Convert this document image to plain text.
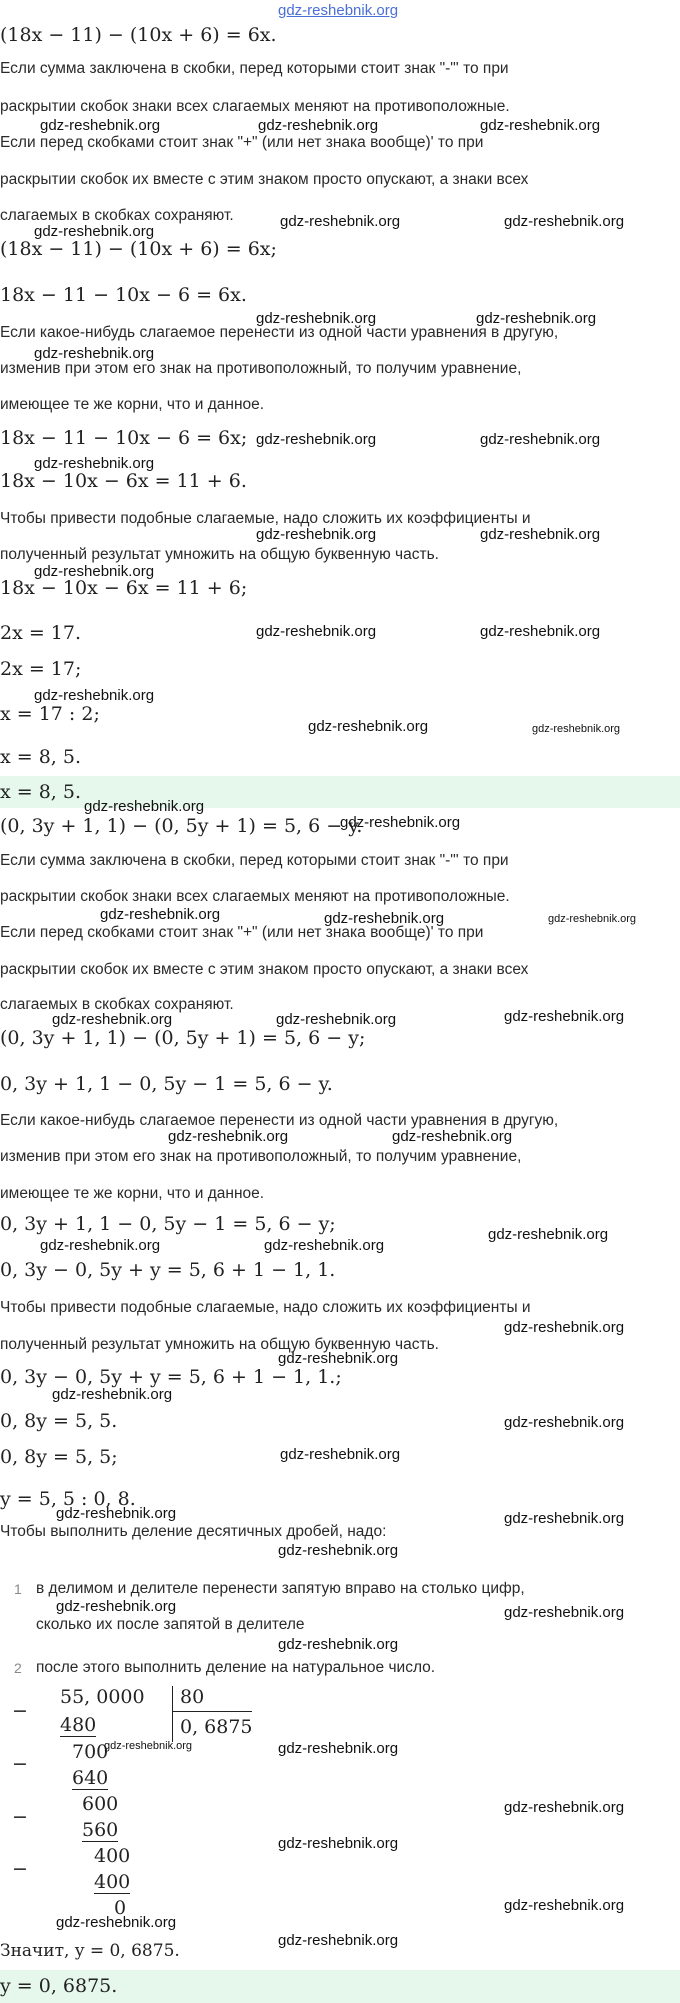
gdz-reshebnik.org
(18x − 11) − (10x + 6) = 6x.
Если сумма заключена в скобки, перед которыми стоит знак "-"' то при
раскрытии скобок знаки всех слагаемых меняют на противоположные.
gdz-reshebnik.org	gdz-reshebnik.org	gdz-reshebnik.org
Если перед скобками стоит знак "+" (или нет знака вообще)' то при
раскрытии скобок их вместе с этим знаком просто опускают, а знаки всех
слагаемых в скобках сохраняют.	gdz-reshebnik.org	gdz-reshebnik.org
gdz-reshebnik.org
(18x − 11) − (10x + 6) = 6x;
18x − 11 − 10x − 6 = 6x.
gdz-reshebnik.org	gdz-reshebnik.org
Если какое-нибудь слагаемое перенести из одной части уравнения в другую,
gdz-reshebnik.org
изменив при этом его знак на противоположный, то получим уравнение,
имеющее те же корни, что и данное.
18x − 11 − 10x − 6 = 6x; gdz-reshebnik.org	gdz-reshebnik.org
gdz-reshebnik.org
18x − 10x − 6x = 11 + 6.
Чтобы привести подобные слагаемые, надо сложить их коэффициенты и
gdz-reshebnik.org	gdz-reshebnik.org
полученный результат умножить на общую буквенную часть.
gdz-reshebnik.org
18x − 10x − 6x = 11 + 6;
2x = 17.	gdz-reshebnik.org	gdz-reshebnik.org
2x = 17;
gdz-reshebnik.org
x = 17 : 2;
gdz-reshebnik.org	gdz-reshebnik.org
x = 8, 5.
x = 8, 5.
gdz-reshebnik.org
(0, 3y + 1, 1) − (0, 5y + 1) = 5, 6 − y.
gdz-reshebnik.org
Если сумма заключена в скобки, перед которыми стоит знак "-"' то при
раскрытии скобок знаки всех слагаемых меняют на противоположные.
gdz-reshebnik.org	gdz-reshebnik.org	gdz-reshebnik.org
Если перед скобками стоит знак "+" (или нет знака вообще)' то при
раскрытии скобок их вместе с этим знаком просто опускают, а знаки всех
слагаемых в скобках сохраняют.
gdz-reshebnik.org	gdz-reshebnik.org	gdz-reshebnik.org
(0, 3y + 1, 1) − (0, 5y + 1) = 5, 6 − y;
0, 3y + 1, 1 − 0, 5y − 1 = 5, 6 − y.
Если какое-нибудь слагаемое перенести из одной части уравнения в другую,
gdz-reshebnik.org	gdz-reshebnik.org
изменив при этом его знак на противоположный, то получим уравнение,
имеющее те же корни, что и данное.
0, 3y + 1, 1 − 0, 5y − 1 = 5, 6 − y;
gdz-reshebnik.org	gdz-reshebnik.org
gdz-reshebnik.org
0, 3y − 0, 5y + y = 5, 6 + 1 − 1, 1.
Чтобы привести подобные слагаемые, надо сложить их коэффициенты и
gdz-reshebnik.org
полученный результат умножить на общую буквенную часть.
gdz-reshebnik.org
0, 3y − 0, 5y + y = 5, 6 + 1 − 1, 1.;
gdz-reshebnik.org
0, 8y = 5, 5.	gdz-reshebnik.org
0, 8y = 5, 5;	gdz-reshebnik.org
y = 5, 5 : 0, 8.
gdz-reshebnik.org	gdz-reshebnik.org
Чтобы выполнить деление десятичных дробей, надо:
gdz-reshebnik.org
1 в делимом и делителе перенести запятую вправо на столько цифр,
gdz-reshebnik.org	gdz-reshebnik.org
сколько их после запятой в делителе
gdz-reshebnik.org
2 после этого выполнить деление на натуральное число.
−
55, 0000 80
0, 6875
480
700
gdz-reshebnik.org	gdz-reshebnik.org
−
640
600	gdz-reshebnik.org
−
560
gdz-reshebnik.org
400
−
400
0	gdz-reshebnik.org
gdz-reshebnik.org
gdz-reshebnik.org
Значит, y = 0, 6875.
y = 0, 6875.
